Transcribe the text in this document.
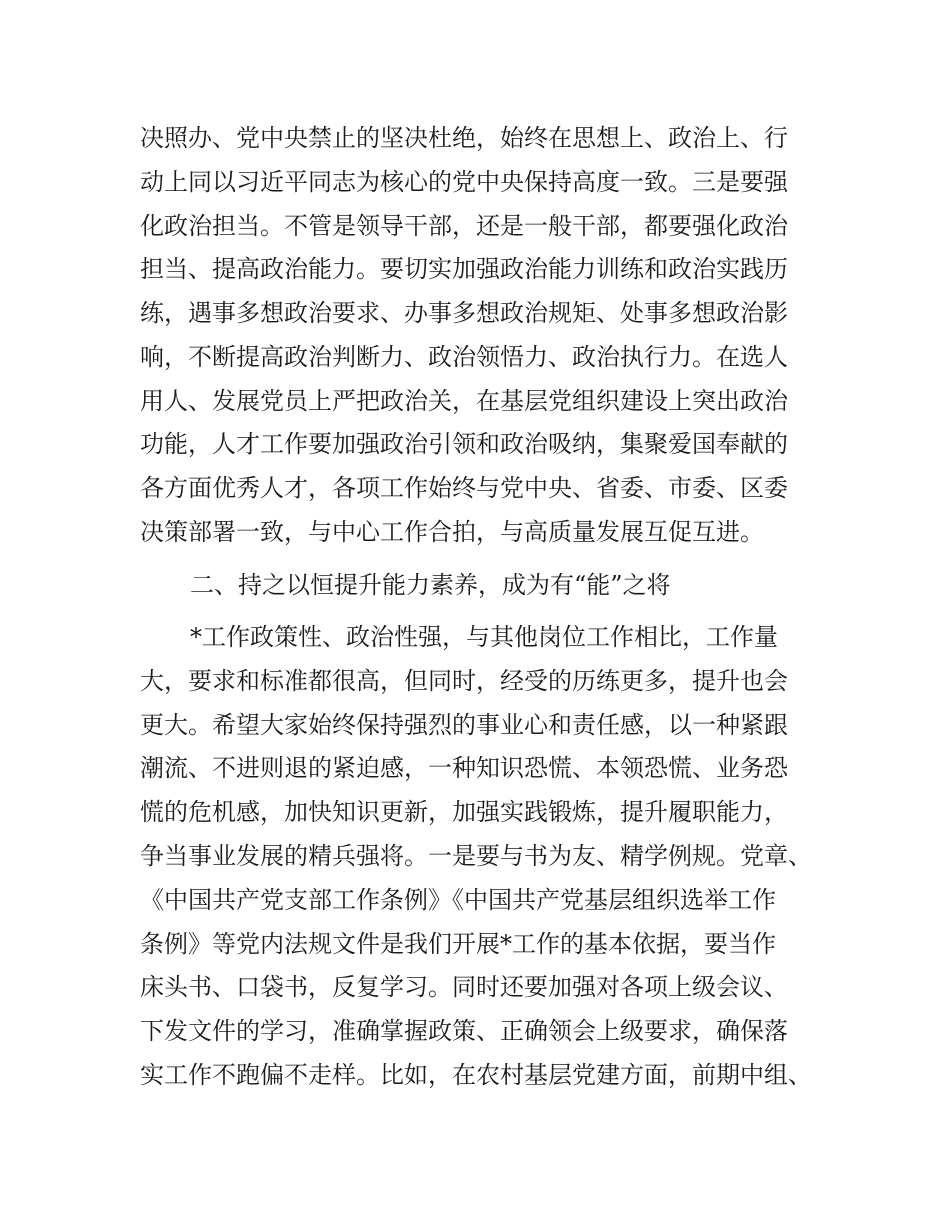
决照办、党中央禁止的坚决杜绝，始终在思想上、政治上、行
动上同以习近平同志为核心的党中央保持高度一致。三是要强
化政治担当。不管是领导干部，还是一般干部，都要强化政治
担当、提高政治能力。要切实加强政治能力训练和政治实践历
练，遇事多想政治要求、办事多想政治规矩、处事多想政治影
响，不断提高政治判断力、政治领悟力、政治执行力。在选人
用人、发展党员上严把政治关，在基层党组织建设上突出政治
功能，人才工作要加强政治引领和政治吸纳，集聚爱国奉献的
各方面优秀人才，各项工作始终与党中央、省委、市委、区委
决策部署一致，与中心工作合拍，与高质量发展互促互进。
二、持之以恒提升能力素养，成为有“能”之将
*工作政策性、政治性强，与其他岗位工作相比，工作量
大，要求和标准都很高，但同时，经受的历练更多，提升也会
更大。希望大家始终保持强烈的事业心和责任感，以一种紧跟
潮流、不进则退的紧迫感，一种知识恐慌、本领恐慌、业务恐
慌的危机感，加快知识更新，加强实践锻炼，提升履职能力，
争当事业发展的精兵强将。一是要与书为友、精学例规。党章、
《中国共产党支部工作条例》《中国共产党基层组织选举工作
条例》等党内法规文件是我们开展*工作的基本依据，要当作
床头书、口袋书，反复学习。同时还要加强对各项上级会议、
下发文件的学习，准确掌握政策、正确领会上级要求，确保落
实工作不跑偏不走样。比如，在农村基层党建方面，前期中组、
